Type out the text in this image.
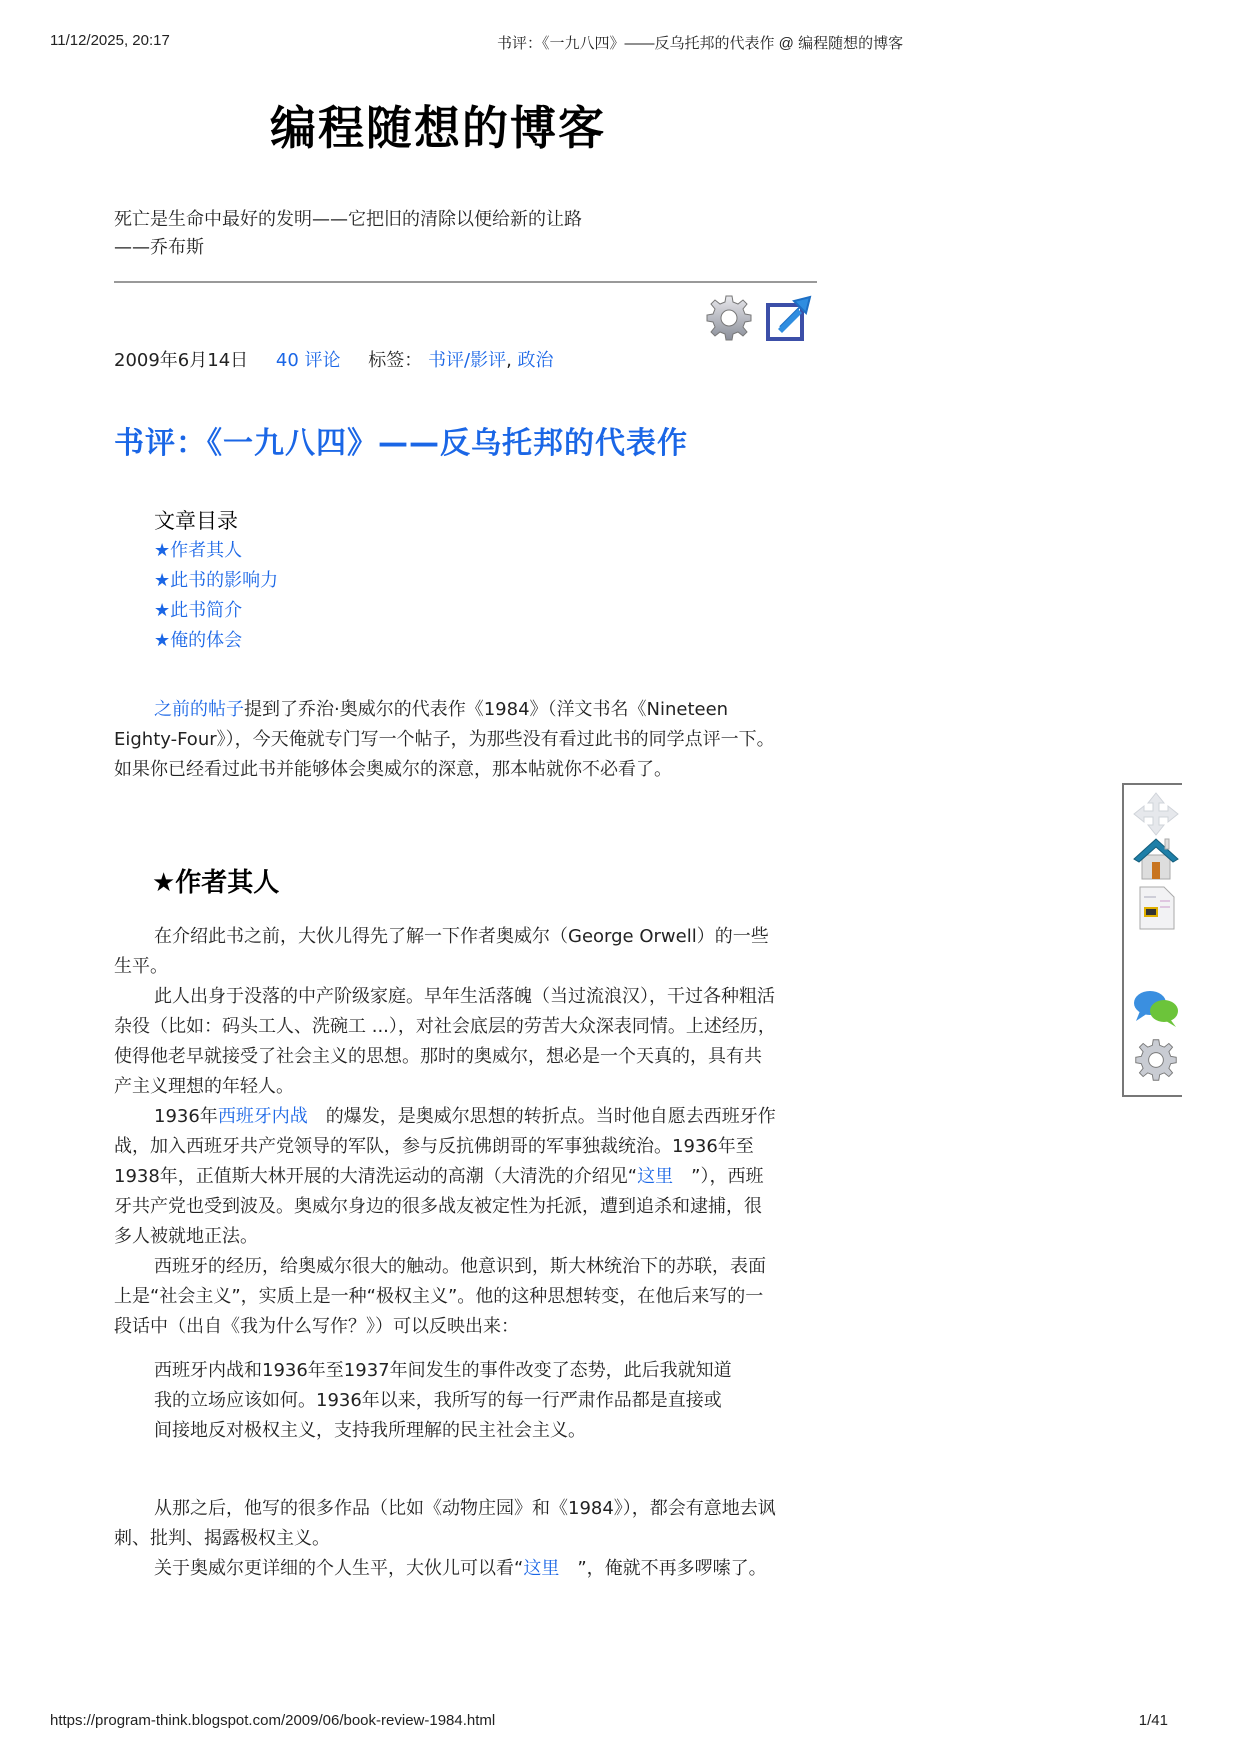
11/12/2025, 20:17	书评：《一九八四》——反乌托邦的代表作 @ 编程随想的博客
编程随想的博客
死亡是生命中最好的发明——它把旧的清除以便给新的让路
——乔布斯
2009年6月14日 40 评论 标签： 书评/影评, 政治
书评：《一九八四》——反乌托邦的代表作
文章目录
★作者其人
★此书的影响力
★此书简介
★俺的体会

之前的帖子提到了乔治·奥威尔的代表作《1984》（洋文书名《Nineteen Eighty-Four》），今天俺就专门写一个帖子，为那些没有看过此书的同学点评一下。如果你已经看过此书并能够体会奥威尔的深意，那本帖就你不必看了。

★作者其人

在介绍此书之前，大伙儿得先了解一下作者奥威尔（George Orwell）的一些生平。

此人出身于没落的中产阶级家庭。早年生活落魄（当过流浪汉），干过各种粗活杂役（比如：码头工人、洗碗工 ...），对社会底层的劳苦大众深表同情。上述经历，使得他老早就接受了社会主义的思想。那时的奥威尔，想必是一个天真的，具有共产主义理想的年轻人。

1936年西班牙内战　的爆发，是奥威尔思想的转折点。当时他自愿去西班牙作战，加入西班牙共产党领导的军队，参与反抗佛朗哥的军事独裁统治。1936年至1938年，正值斯大林开展的大清洗运动的高潮（大清洗的介绍见“这里　”），西班牙共产党也受到波及。奥威尔身边的很多战友被定性为托派，遭到追杀和逮捕，很多人被就地正法。

西班牙的经历，给奥威尔很大的触动。他意识到，斯大林统治下的苏联，表面上是“社会主义”，实质上是一种“极权主义”。他的这种思想转变，在他后来写的一段话中（出自《我为什么写作？》）可以反映出来：

西班牙内战和1936年至1937年间发生的事件改变了态势，此后我就知道我的立场应该如何。1936年以来，我所写的每一行严肃作品都是直接或间接地反对极权主义，支持我所理解的民主社会主义。

从那之后，他写的很多作品（比如《动物庄园》和《1984》），都会有意地去讽刺、批判、揭露极权主义。

关于奥威尔更详细的个人生平，大伙儿可以看“这里　”，俺就不再多啰嗦了。

https://program-think.blogspot.com/2009/06/book-review-1984.html	1/41
